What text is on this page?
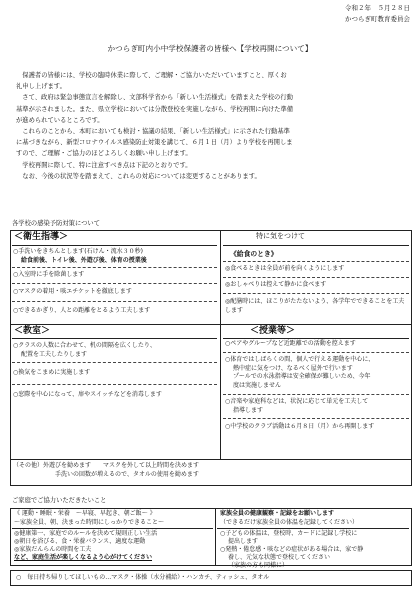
令和２年　５月２８日
かつらぎ町教育委員会
かつらぎ町内小中学校保護者の皆様へ【学校再開について】
保護者の皆様には、学校の臨時休業に際して、ご理解・ご協力いただいていますこと、厚くお
礼申し上げます。
さて、政府は緊急事態宣言を解除し、文部科学省から「新しい生活様式」を踏まえた学校の行動
基準が示されました。また、県立学校においては分散登校を実施しながら、学校再開に向けた準備
が進められているところです。
これらのことから、本町においても検討・協議の結果、「新しい生活様式」に示された行動基準
に基づきながら、新型コロナウイルス感染防止対策を講じて、６月１日（月）より学校を再開しま
すので、ご理解・ご協力のほどよろしくお願い申し上げます。
学校再開に際して、特に注意すべき点は下記のとおりです。
なお、今後の状況等を踏まえて、これらの対応については変更することがあります。
各学校の感染予防対策について
＜衛生指導＞
○手洗いをきちんとします(石けん・流水３０秒)
給食前後、トイレ後、外遊び後、体育の授業後
○入室時に手を除菌します
○マスクの着用・咳エチケットを徹底します
○できるかぎり、人との距離をとるよう工夫します
特に気をつけて
《給食のとき》
◎食べるときは全員が前を向くようにします
◎おしゃべりは控えて静かに食べます
◎配膳時には、ほこりがたたないよう、各学年でできることを工夫します
＜教室＞
○クラスの人数に合わせて、机の間隔を広くしたり、
配置を工夫したりします
○換気をこまめに実施します
○窓際を中心になって、扉やスイッチなどを消毒します
＜授業等＞
○ペアやグループなど近距離での活動を控えます
○体育ではしばらくの間、個人で行える運動を中心に、
熱中症に気をつけ、なるべく屋外で行います
プールでの水泳指導は安全確保が難しいため、今年
度は実施しません
○音楽や家庭科などは、状況に応じて単元を工夫して
指導します
○中学校のクラブ活動は６月８日（月）から再開します
（その他）外遊びを勧めます　　マスクを外して以上時間を決めます
手洗いの回数が増えるので、タオルの使用を勧めます
ご家庭でご協力いただきたいこと
《 運動・睡眠・栄養　〜早寝、早起き、朝ご飯〜 》
〜家族全員、朝、決まった時間にしっかりできること〜
◎健康第一、家庭でのルールを決めて規則正しい生活
◎朝日を浴びる、食・栄養バランス、適度な運動
◎家族だんらんの時間を工夫
など、家庭生活が楽しくなるよう心がけてください
家族全員の健康観察・記録をお願いします
（できるだけ家族全員の体温を記録してください）
○子どもの体温は、登校時、カードに記録し学校に
提出します
○発熱・倦怠感・咳などの症状がある場合は、家で静
養し、元気な状態で登校してください
（家族の方も同様に）
○　毎日持ち帰りしてほしいもの…マスク・体操（水分補給）・ハンカチ、ティッシュ、タオル
